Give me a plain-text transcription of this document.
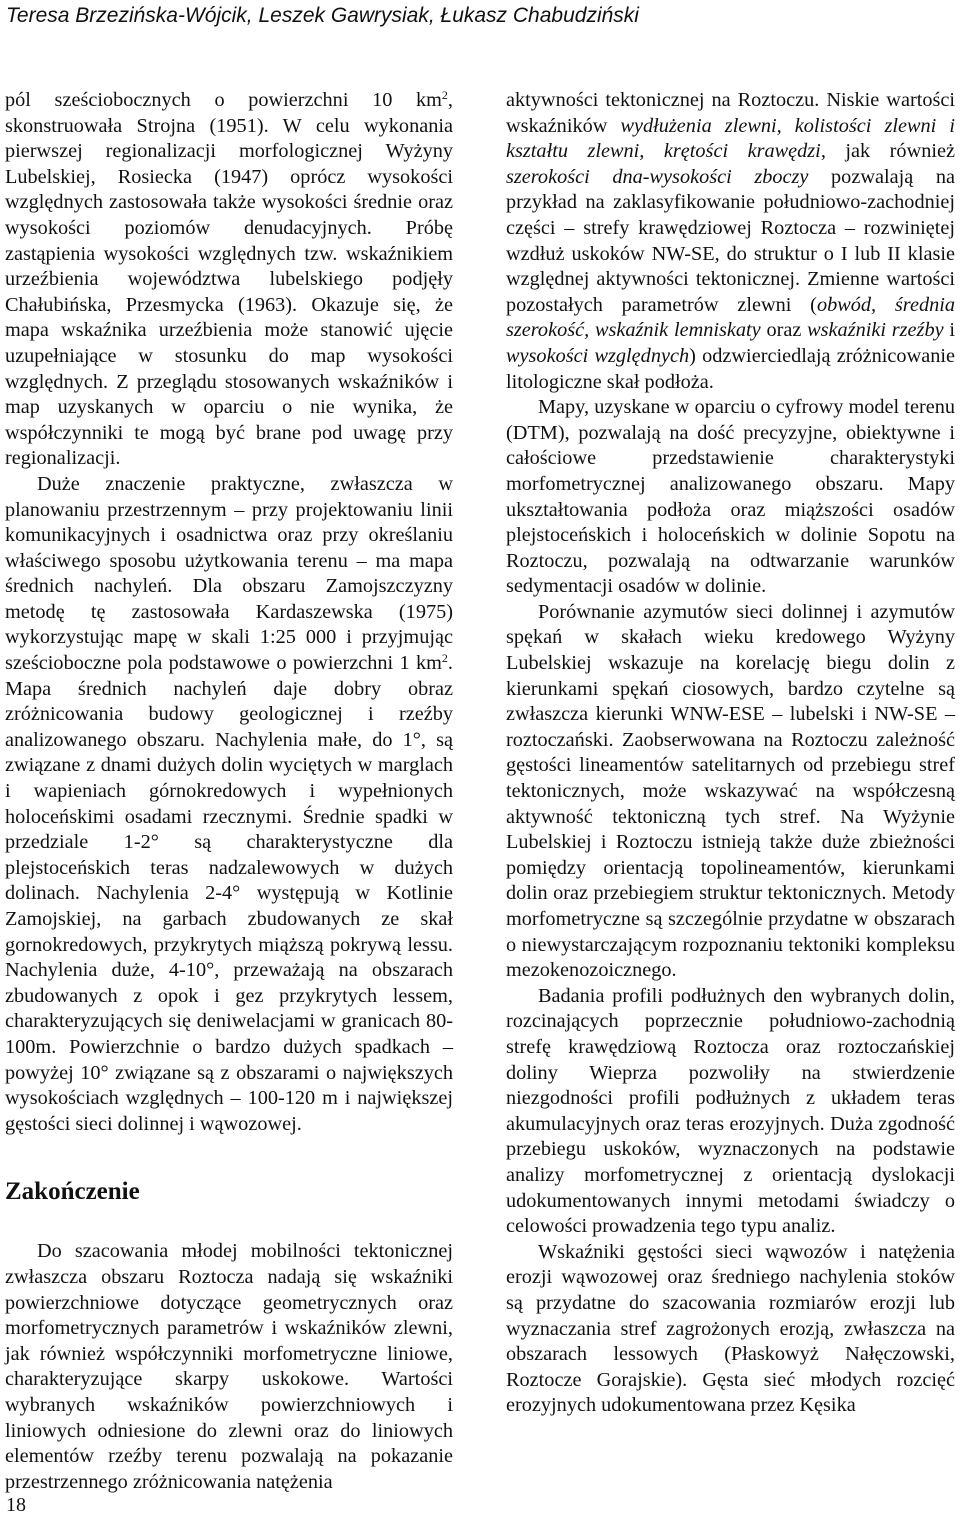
Teresa Brzezińska-Wójcik, Leszek Gawrysiak, Łukasz Chabudziński

pól sześciobocznych o powierzchni 10 $km^2$, skonstruowała Strojna (1951). W celu wykonania pierwszej regionalizacji morfologicznej Wyżyny Lubelskiej, Rosiecka (1947) oprócz wysokości względnych zastosowała także wysokości średnie oraz wysokości poziomów denudacyjnych. Próbę zastąpienia wysokości względnych tzw. wskaźnikiem urzeźbienia województwa lubelskiego podjęły Chałubińska, Przesmycka (1963). Okazuje się, że mapa wskaźnika urzeźbienia może stanowić ujęcie uzupełniające w stosunku do map wysokości względnych. Z przeglądu stosowanych wskaźników i map uzyskanych w oparciu o nie wynika, że współczynniki te mogą być brane pod uwagę przy regionalizacji.

Duże znaczenie praktyczne, zwłaszcza w planowaniu przestrzennym – przy projektowaniu linii komunikacyjnych i osadnictwa oraz przy określaniu właściwego sposobu użytkowania terenu – ma mapa średnich nachyleń. Dla obszaru Zamojszczyzny metodę tę zastosowała Kardaszewska (1975) wykorzystując mapę w skali 1:25 000 i przyjmując sześcioboczne pola podstawowe o powierzchni 1 $km^2$. Mapa średnich nachyleń daje dobry obraz zróżnicowania budowy geologicznej i rzeźby analizowanego obszaru. Nachylenia małe, do 1°, są związane z dnami dużych dolin wyciętych w marglach i wapieniach górnokredowych i wypełnionych holoceńskimi osadami rzecznymi. Średnie spadki w przedziale 1-2° są charakterystyczne dla plejstoceńskich teras nadzalewowych w dużych dolinach. Nachylenia 2-4° występują w Kotlinie Zamojskiej, na garbach zbudowanych ze skał gornokredowych, przykrytych miąższą pokrywą lessu. Nachylenia duże, 4-10°, przeważają na obszarach zbudowanych z opok i gez przykrytych lessem, charakteryzujących się deniwelacjami w granicach 80-100m. Powierzchnie o bardzo dużych spadkach – powyżej 10° związane są z obszarami o największych wysokościach względnych – 100-120 m i największej gęstości sieci dolinnej i wąwozowej.

Zakończenie

Do szacowania młodej mobilności tektonicznej zwłaszcza obszaru Roztocza nadają się wskaźniki powierzchniowe dotyczące geometrycznych oraz morfometrycznych parametrów i wskaźników zlewni, jak również współczynniki morfometryczne liniowe, charakteryzujące skarpy uskokowe. Wartości wybranych wskaźników powierzchniowych i liniowych odniesione do zlewni oraz do liniowych elementów rzeźby terenu pozwalają na pokazanie przestrzennego zróżnicowania natężenia

aktywności tektonicznej na Roztoczu. Niskie wartości wskaźników wydłużenia zlewni, kolistości zlewni i kształtu zlewni, krętości krawędzi, jak również szerokości dna-wysokości zboczy pozwalają na przykład na zaklasyfikowanie południowo-zachodniej części – strefy krawędziowej Roztocza – rozwiniętej wzdłuż uskoków NW-SE, do struktur o I lub II klasie względnej aktywności tektonicznej. Zmienne wartości pozostałych parametrów zlewni (obwód, średnia szerokość, wskaźnik lemniskaty oraz wskaźniki rzeźby i wysokości względnych) odzwierciedlają zróżnicowanie litologiczne skał podłoża.

Mapy, uzyskane w oparciu o cyfrowy model terenu (DTM), pozwalają na dość precyzyjne, obiektywne i całościowe przedstawienie charakterystyki morfometrycznej analizowanego obszaru. Mapy ukształtowania podłoża oraz miąższości osadów plejstoceńskich i holoceńskich w dolinie Sopotu na Roztoczu, pozwalają na odtwarzanie warunków sedymentacji osadów w dolinie.

Porównanie azymutów sieci dolinnej i azymutów spękań w skałach wieku kredowego Wyżyny Lubelskiej wskazuje na korelację biegu dolin z kierunkami spękań ciosowych, bardzo czytelne są zwłaszcza kierunki WNW-ESE – lubelski i NW-SE – roztoczański. Zaobserwowana na Roztoczu zależność gęstości lineamentów satelitarnych od przebiegu stref tektonicznych, może wskazywać na współczesną aktywność tektoniczną tych stref. Na Wyżynie Lubelskiej i Roztoczu istnieją także duże zbieżności pomiędzy orientacją topolineamentów, kierunkami dolin oraz przebiegiem struktur tektonicznych. Metody morfometryczne są szczególnie przydatne w obszarach o niewystarczającym rozpoznaniu tektoniki kompleksu mezokenozoicznego.

Badania profili podłużnych den wybranych dolin, rozcinających poprzecznie południowo-zachodnią strefę krawędziową Roztocza oraz roztoczańskiej doliny Wieprza pozwoliły na stwierdzenie niezgodności profili podłużnych z układem teras akumulacyjnych oraz teras erozyjnych. Duża zgodność przebiegu uskoków, wyznaczonych na podstawie analizy morfometrycznej z orientacją dyslokacji udokumentowanych innymi metodami świadczy o celowości prowadzenia tego typu analiz.

Wskaźniki gęstości sieci wąwozów i natężenia erozji wąwozowej oraz średniego nachylenia stoków są przydatne do szacowania rozmiarów erozji lub wyznaczania stref zagrożonych erozją, zwłaszcza na obszarach lessowych (Płaskowyż Nałęczowski, Roztocze Gorajskie). Gęsta sieć młodych rozcięć erozyjnych udokumentowana przez Kęsika

18
